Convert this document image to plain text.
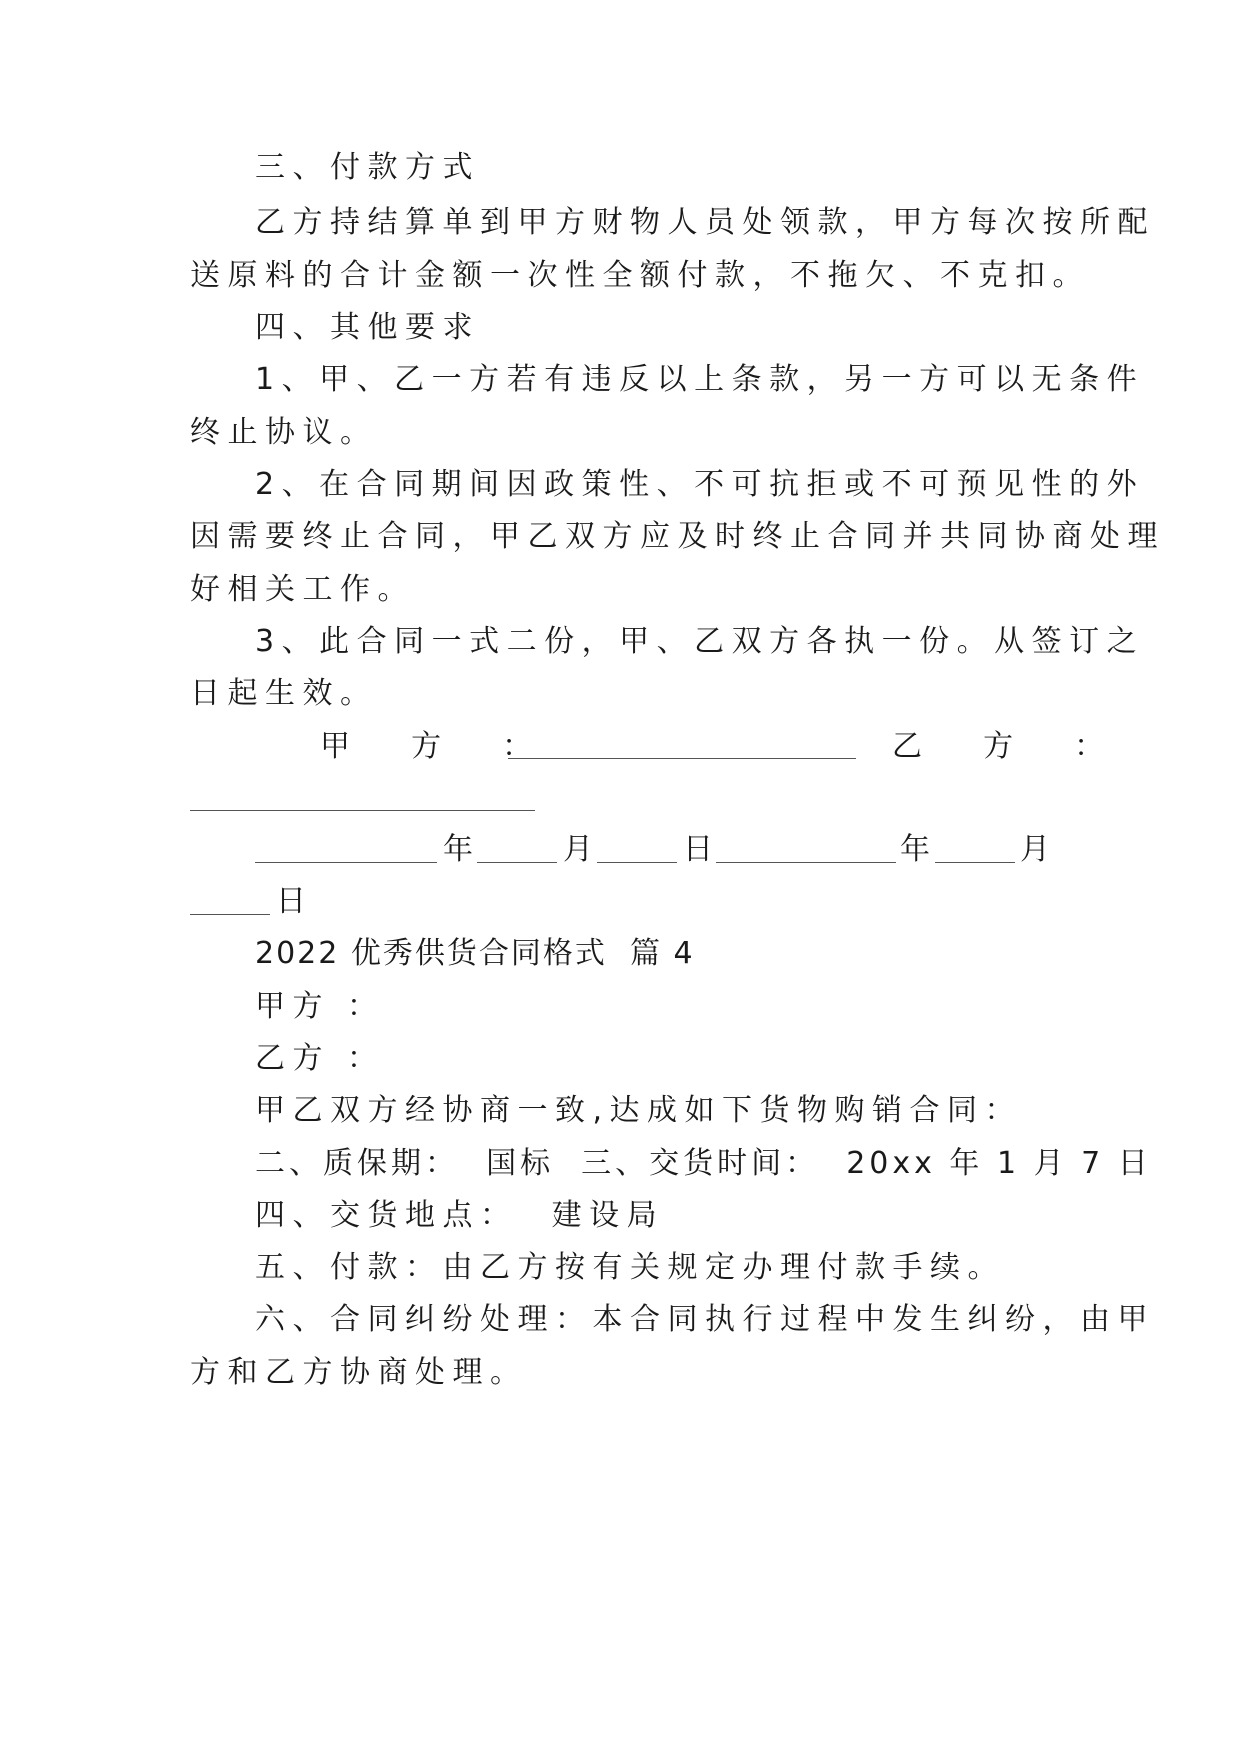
三、付款方式
乙方持结算单到甲方财物人员处领款，甲方每次按所配
送原料的合计金额一次性全额付款，不拖欠、不克扣。
四、其他要求
1、甲、乙一方若有违反以上条款，另一方可以无条件
终止协议。
2、在合同期间因政策性、不可抗拒或不可预见性的外
因需要终止合同，甲乙双方应及时终止合同并共同协商处理
好相关工作。
3、此合同一式二份，甲、乙双方各执一份。从签订之
日起生效。
甲  方  ：	乙  方  ：
年	月	日	年	月
日
2022 优秀供货合同格式  篇 4
甲方 ：
乙方 ：
甲乙双方经协商一致,达成如下货物购销合同：
二、质保期：  国标  三、交货时间：  20xx 年 1 月 7 日
四、交货地点：  建设局
五、付款：由乙方按有关规定办理付款手续。
六、合同纠纷处理：本合同执行过程中发生纠纷，由甲
方和乙方协商处理。
